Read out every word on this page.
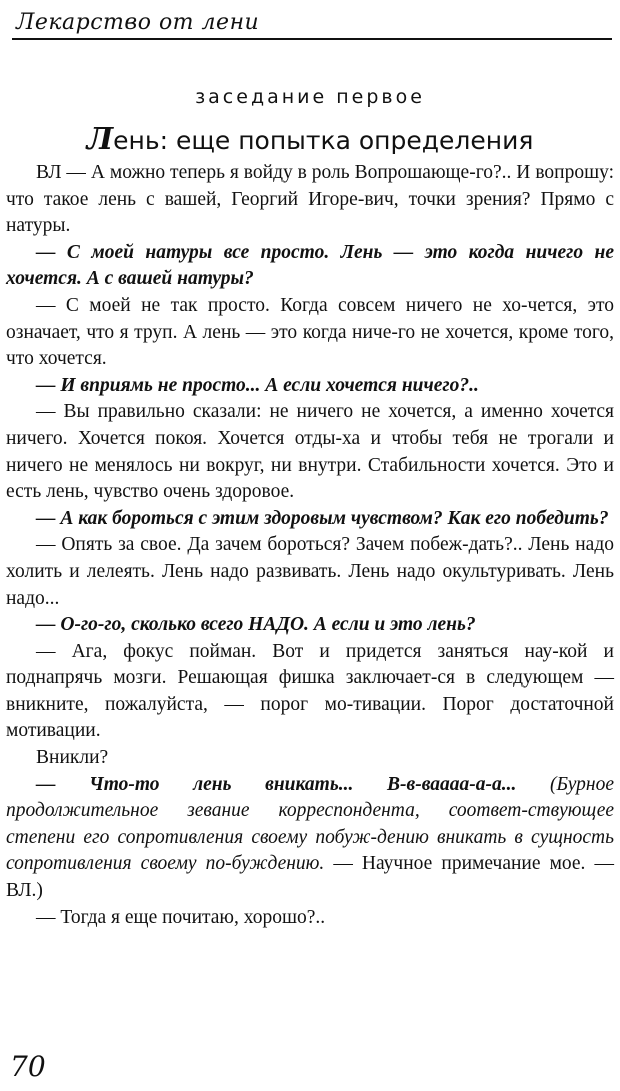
Лекарство от лени
заседание первое
Лень: еще попытка определения
ВЛ — А можно теперь я войду в роль Вопрошающе-го?.. И вопрошу: что такое лень с вашей, Георгий Игоре-вич, точки зрения? Прямо с натуры.
— С моей натуры все просто. Лень — это когда ничего не хочется. А с вашей натуры?
— С моей не так просто. Когда совсем ничего не хо-чется, это означает, что я труп. А лень — это когда ниче-го не хочется, кроме того, что хочется.
— И вприямь не просто... А если хочется ничего?..
— Вы правильно сказали: не ничего не хочется, а именно хочется ничего. Хочется покоя. Хочется отды-ха и чтобы тебя не трогали и ничего не менялось ни вокруг, ни внутри. Стабильности хочется. Это и есть лень, чувство очень здоровое.
— А как бороться с этим здоровым чувством? Как его победить?
— Опять за свое. Да зачем бороться? Зачем побеж-дать?.. Лень надо холить и лелеять. Лень надо развивать. Лень надо окультуривать. Лень надо...
— О-го-го, сколько всего НАДО. А если и это лень?
— Ага, фокус пойман. Вот и придется заняться нау-кой и поднапрячь мозги. Решающая фишка заключает-ся в следующем — вникните, пожалуйста, — порог мо-тивации. Порог достаточной мотивации.
Вникли?
— Что-то лень вникать... В-в-ваааа-а-а... (Бурное продолжительное зевание корреспондента, соответ-ствующее степени его сопротивления своему побуж-дению вникать в сущность сопротивления своему по-буждению. — Научное примечание мое. — ВЛ.)
— Тогда я еще почитаю, хорошо?..
70
